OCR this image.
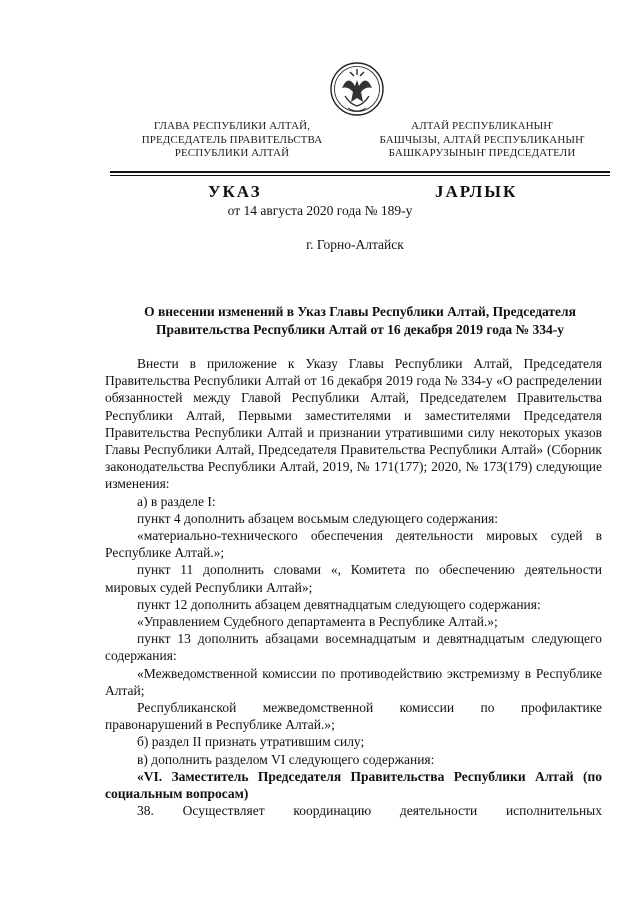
ГЛАВА РЕСПУБЛИКИ АЛТАЙ,
ПРЕДСЕДАТЕЛЬ ПРАВИТЕЛЬСТВА
РЕСПУБЛИКИ АЛТАЙ
АЛТАЙ РЕСПУБЛИКАНЫҤ
БАШЧЫЗЫ, АЛТАЙ РЕСПУБЛИКАНЫҤ
БАШКАРУЗЫНЫҤ ПРЕДСЕДАТЕЛИ
УКАЗ	JАРЛЫК
от 14 августа 2020 года № 189-у
г. Горно-Алтайск
О внесении изменений в Указ Главы Республики Алтай, Председателя Правительства Республики Алтай от 16 декабря 2019 года № 334-у

Внести в приложение к Указу Главы Республики Алтай, Председателя Правительства Республики Алтай от 16 декабря 2019 года № 334-у «О распределении обязанностей между Главой Республики Алтай, Председателем Правительства Республики Алтай, Первыми заместителями и заместителями Председателя Правительства Республики Алтай и признании утратившими силу некоторых указов Главы Республики Алтай, Председателя Правительства Республики Алтай» (Сборник законодательства Республики Алтай, 2019, № 171(177); 2020, № 173(179) следующие изменения:

а) в разделе I:

пункт 4 дополнить абзацем восьмым следующего содержания:

«материально-технического обеспечения деятельности мировых судей в Республике Алтай.»;

пункт 11 дополнить словами «, Комитета по обеспечению деятельности мировых судей Республики Алтай»;

пункт 12 дополнить абзацем девятнадцатым следующего содержания:

«Управлением Судебного департамента в Республике Алтай.»;

пункт 13 дополнить абзацами восемнадцатым и девятнадцатым следующего содержания:

«Межведомственной комиссии по противодействию экстремизму в Республике Алтай;

Республиканской межведомственной комиссии по профилактике правонарушений в Республике Алтай.»;

б) раздел II признать утратившим силу;

в) дополнить разделом VI следующего содержания:

«VI. Заместитель Председателя Правительства Республики Алтай (по социальным вопросам)

38. Осуществляет координацию деятельности исполнительных
